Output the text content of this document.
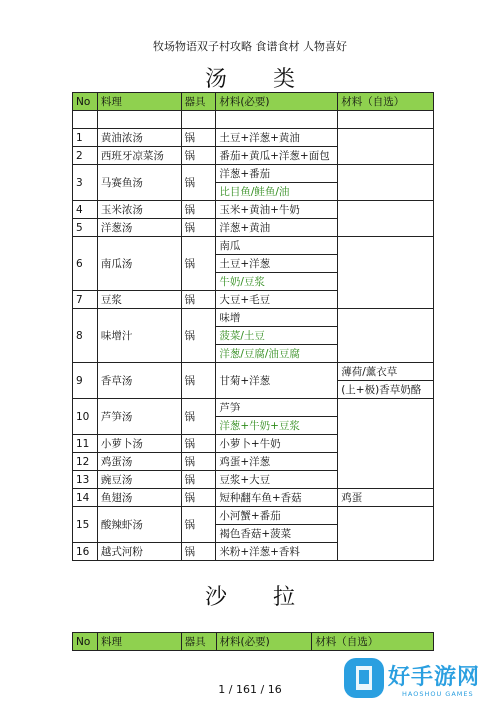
牧场物语双子村攻略 食谱食材 人物喜好
汤 类
No	料理	器具	材料(必要)	材料（自选）

1	黄油浓汤	锅	土豆+洋葱+黄油	
2	西班牙凉菜汤	锅	番茄+黄瓜+洋葱+面包	
3	马赛鱼汤	锅	洋葱+番茄	
			比目鱼/鲑鱼/油	
4	玉米浓汤	锅	玉米+黄油+牛奶	
5	洋葱汤	锅	洋葱+黄油	
6	南瓜汤	锅	南瓜	
			土豆+洋葱	
			牛奶/豆浆	
7	豆浆	锅	大豆+毛豆	
8	味增汁	锅	味增	
			菠菜/土豆	
			洋葱/豆腐/油豆腐	
9	香草汤	锅	甘菊+洋葱	薄荷/薰衣草
				(上+极)香草奶酪
10	芦笋汤	锅	芦笋	
			洋葱+牛奶+豆浆	
11	小萝卜汤	锅	小萝卜+牛奶	
12	鸡蛋汤	锅	鸡蛋+洋葱	
13	豌豆汤	锅	豆浆+大豆	
14	鱼翅汤	锅	短种翻车鱼+香菇	鸡蛋
15	酸辣虾汤	锅	小河蟹+番茄	
			褐色香菇+菠菜	
16	越式河粉	锅	米粉+洋葱+香料	
沙 拉
No	料理	器具	材料(必要)	材料（自选）
1 / 161 / 16	好手游网
HAOSHOU GAMES
